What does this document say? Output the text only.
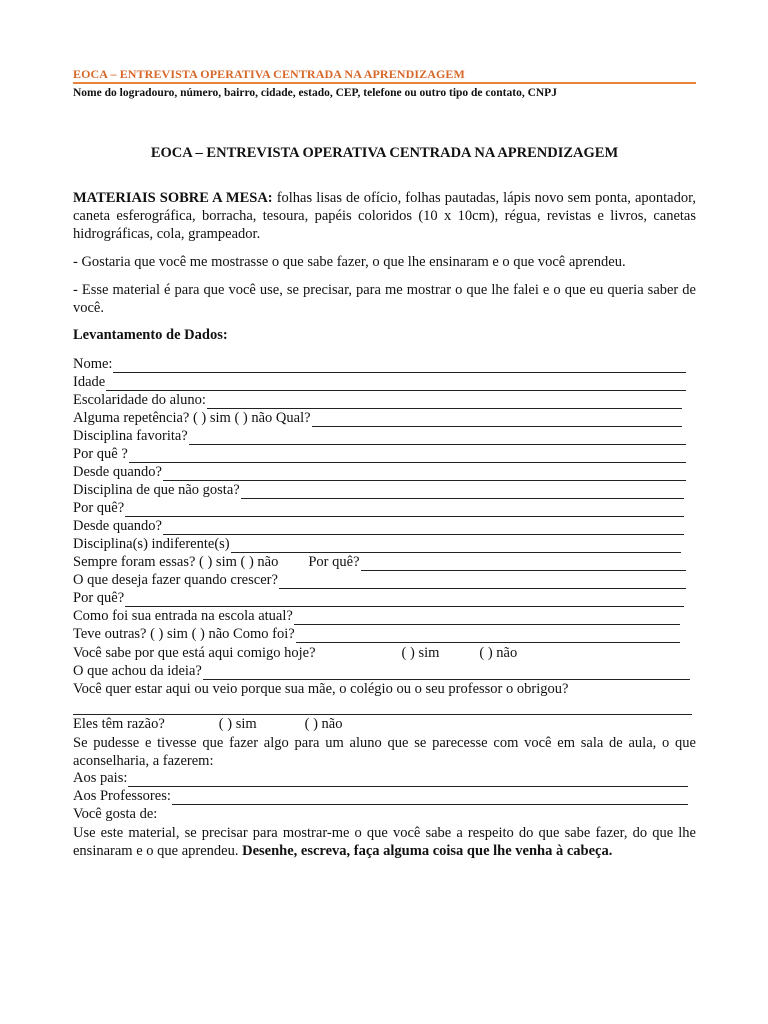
EOCA – ENTREVISTA OPERATIVA CENTRADA NA APRENDIZAGEM
Nome do logradouro, número, bairro, cidade, estado, CEP, telefone ou outro tipo de contato, CNPJ
EOCA – ENTREVISTA OPERATIVA CENTRADA NA APRENDIZAGEM
MATERIAIS SOBRE A MESA: folhas lisas de ofício, folhas pautadas, lápis novo sem ponta, apontador, caneta esferográfica, borracha, tesoura, papéis coloridos (10 x 10cm), régua, revistas e livros, canetas hidrográficas, cola, grampeador.
- Gostaria que você me mostrasse o que sabe fazer, o que lhe ensinaram e o que você aprendeu.
- Esse material é para que você use, se precisar, para me mostrar o que lhe falei e o que eu queria saber de você.
Levantamento de Dados:
Nome:
Idade
Escolaridade do aluno:
Alguma repetência? ( ) sim ( ) não Qual?
Disciplina favorita?
Por quê ?
Desde quando?
Disciplina de que não gosta?
Por quê?
Desde quando?
Disciplina(s) indiferente(s)
Sempre foram essas? ( ) sim ( ) não Por quê?
O que deseja fazer quando crescer?
Por quê?
Como foi sua entrada na escola atual?
Teve outras? ( ) sim ( ) não Como foi?
Você sabe por que está aqui comigo hoje?	( ) sim	( ) não
O que achou da ideia?
Você quer estar aqui ou veio porque sua mãe, o colégio ou o seu professor o obrigou?
Eles têm razão?	( ) sim	( ) não
Se pudesse e tivesse que fazer algo para um aluno que se parecesse com você em sala de aula, o que aconselharia, a fazerem:
Aos pais:
Aos Professores:
Você gosta de:
Use este material, se precisar para mostrar-me o que você sabe a respeito do que sabe fazer, do que lhe ensinaram e o que aprendeu. Desenhe, escreva, faça alguma coisa que lhe venha à cabeça.
